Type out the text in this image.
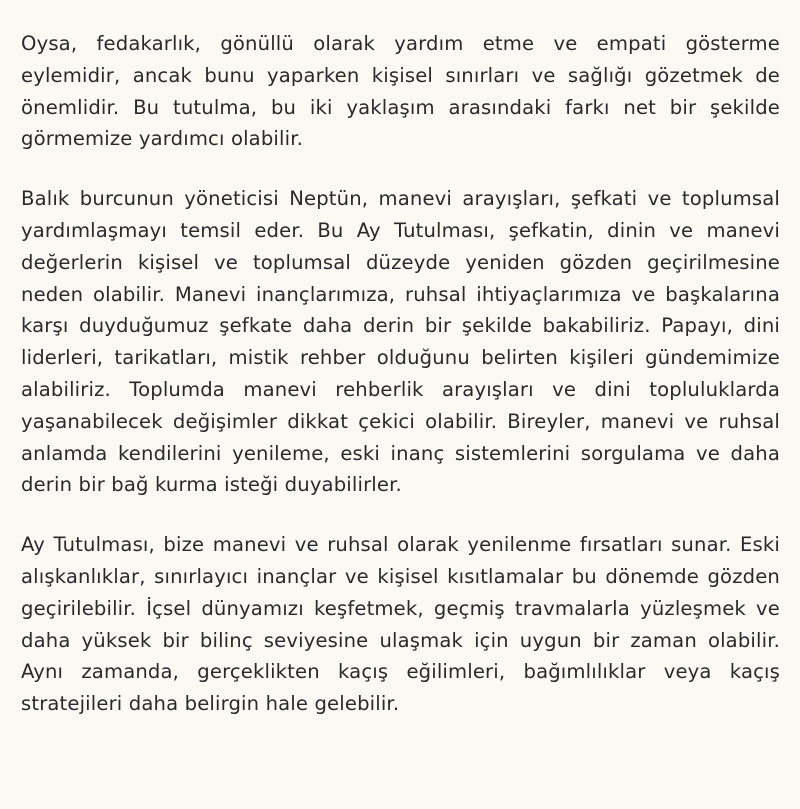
Oysa, fedakarlık, gönüllü olarak yardım etme ve empati gösterme eylemidir, ancak bunu yaparken kişisel sınırları ve sağlığı gözetmek de önemlidir. Bu tutulma, bu iki yaklaşım arasındaki farkı net bir şekilde görmemize yardımcı olabilir.

Balık burcunun yöneticisi Neptün, manevi arayışları, şefkati ve toplumsal yardımlaşmayı temsil eder. Bu Ay Tutulması, şefkatin, dinin ve manevi değerlerin kişisel ve toplumsal düzeyde yeniden gözden geçirilmesine neden olabilir. Manevi inançlarımıza, ruhsal ihtiyaçlarımıza ve başkalarına karşı duyduğumuz şefkate daha derin bir şekilde bakabiliriz. Papayı, dini liderleri, tarikatları, mistik rehber olduğunu belirten kişileri gündemimize alabiliriz. Toplumda manevi rehberlik arayışları ve dini topluluklarda yaşanabilecek değişimler dikkat çekici olabilir. Bireyler, manevi ve ruhsal anlamda kendilerini yenileme, eski inanç sistemlerini sorgulama ve daha derin bir bağ kurma isteği duyabilirler.

Ay Tutulması, bize manevi ve ruhsal olarak yenilenme fırsatları sunar. Eski alışkanlıklar, sınırlayıcı inançlar ve kişisel kısıtlamalar bu dönemde gözden geçirilebilir. İçsel dünyamızı keşfetmek, geçmiş travmalarla yüzleşmek ve daha yüksek bir bilinç seviyesine ulaşmak için uygun bir zaman olabilir. Aynı zamanda, gerçeklikten kaçış eğilimleri, bağımlılıklar veya kaçış stratejileri daha belirgin hale gelebilir.
